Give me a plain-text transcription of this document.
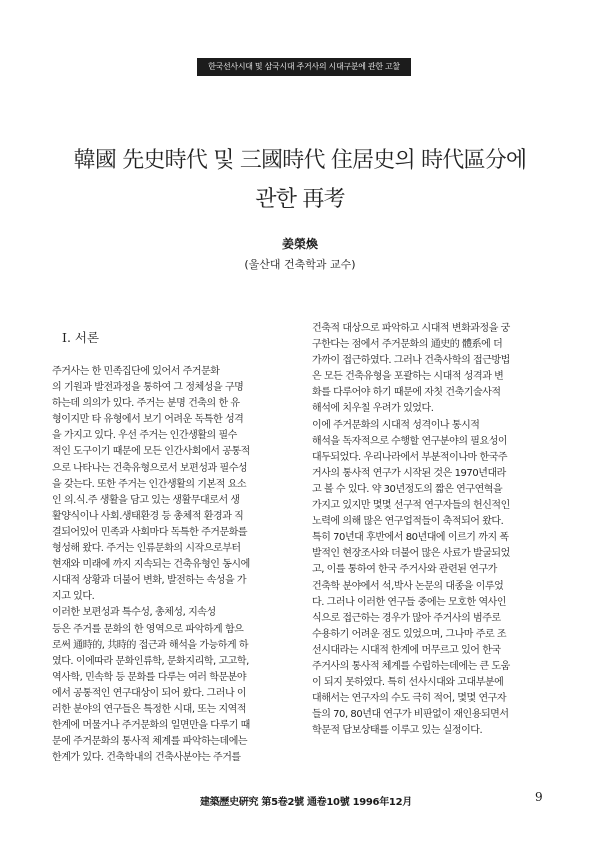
한국선사시대 및 삼국시대 주거사의 시대구분에 관한 고찰
韓國 先史時代 및 三國時代 住居史의 時代區分에
관한 再考
姜榮煥
(울산대 건축학과 교수)
I. 서론
주거사는 한 민족집단에 있어서 주거문화
의 기원과 발전과정을 통하여 그 정체성을 구명
하는데 의의가 있다. 주거는 분명 건축의 한 유
형이지만 타 유형에서 보기 어려운 독특한 성격
을 가지고 있다. 우선 주거는 인간생활의 필수
적인 도구이기 때문에 모든 인간사회에서 공통적
으로 나타나는 건축유형으로서 보편성과 필수성
을 갖는다. 또한 주거는 인간생활의 기본적 요소
인 의.식.주 생활을 담고 있는 생활무대로서 생
활양식이나 사회.생태환경 등 총체적 환경과 직
결되어있어 민족과 사회마다 독특한 주거문화를
형성해 왔다. 주거는 인류문화의 시작으로부터
현재와 미래에 까지 지속되는 건축유형인 동시에
시대적 상황과 더불어 변화, 발전하는 속성을 가
지고 있다.
이러한 보편성과 특수성, 총체성, 지속성
등은 주거를 문화의 한 영역으로 파악하게 함으
로써 通時的, 共時的 접근과 해석을 가능하게 하
였다. 이에따라 문화인류학, 문화지리학, 고고학,
역사학, 민속학 등 문화를 다루는 여러 학문분야
에서 공통적인 연구대상이 되어 왔다. 그러나 이
러한 분야의 연구들은 특정한 시대, 또는 지역적
한계에 머물거나 주거문화의 일면만을 다루기 때
문에 주거문화의 통사적 체계를 파악하는데에는
한계가 있다. 건축학내의 건축사분야는 주거를
건축적 대상으로 파악하고 시대적 변화과정을 궁
구한다는 점에서 주거문화의 通史的 體系에 더
가까이 접근하였다. 그러나 건축사학의 접근방법
은 모든 건축유형을 포괄하는 시대적 성격과 변
화를 다루어야 하기 때문에 자칫 건축기술사적
해석에 치우칠 우려가 있었다.
이에 주거문화의 시대적 성격이나 통시적
해석을 독자적으로 수행할 연구분야의 필요성이
대두되었다. 우리나라에서 부분적이나마 한국주
거사의 통사적 연구가 시작된 것은 1970년대라
고 볼 수 있다. 약 30년정도의 짧은 연구연혁을
가지고 있지만 몇몇 선구적 연구자들의 헌신적인
노력에 의해 많은 연구업적들이 축적되어 왔다.
특히 70년대 후반에서 80년대에 이르기 까지 폭
발적인 현장조사와 더불어 많은 사료가 발굴되었
고, 이를 통하여 한국 주거사와 관련된 연구가
건축학 분야에서 석,박사 논문의 대종을 이루었
다. 그러나 이러한 연구들 중에는 모호한 역사인
식으로 접근하는 경우가 많아 주거사의 범주로
수용하기 어려운 점도 있었으며, 그나마 주로 조
선시대라는 시대적 한계에 머무르고 있어 한국
주거사의 통사적 체계를 수립하는데에는 큰 도움
이 되지 못하였다. 특히 선사시대와 고대부분에
대해서는 연구자의 수도 극히 적어, 몇몇 연구자
들의 70, 80년대 연구가 비판없이 재인용되면서
학문적 답보상태를 이루고 있는 실정이다.
建築歷史硏究 第5卷2號 通卷10號 1996年12月	9
